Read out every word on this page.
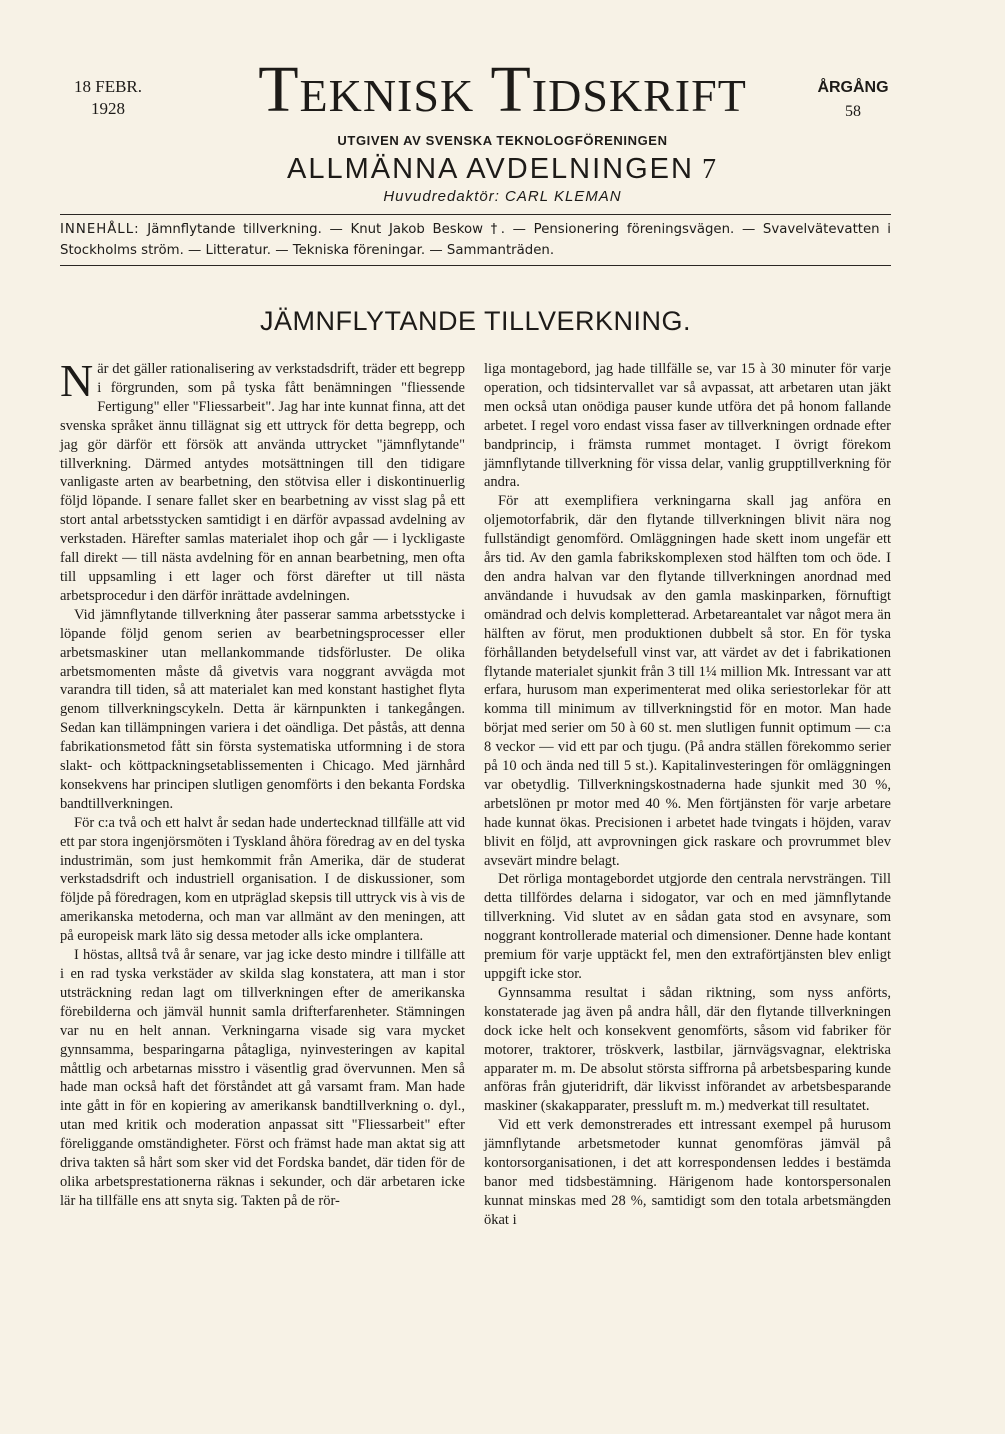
18 FEBR.
1928	Teknisk Tidskrift	ÅRGÅNG
58
UTGIVEN AV SVENSKA TEKNOLOGFÖRENINGEN
ALLMÄNNA AVDELNINGEN 7
Huvudredaktör: CARL KLEMAN
INNEHÅLL: Jämnflytande tillverkning. — Knut Jakob Beskow †. — Pensionering föreningsvägen. — Svavelvätevatten i Stockholms ström. — Litteratur. — Tekniska föreningar. — Sammanträden.
JÄMNFLYTANDE TILLVERKNING.

När det gäller rationalisering av verkstadsdrift, träder ett begrepp i förgrunden, som på tyska fått benämningen "fliessende Fertigung" eller "Fliessarbeit". Jag har inte kunnat finna, att det svenska språket ännu tillägnat sig ett uttryck för detta begrepp, och jag gör därför ett försök att använda uttrycket "jämnflytande" tillverkning. Därmed antydes motsättningen till den tidigare vanligaste arten av bearbetning, den stötvisa eller i diskontinuerlig följd löpande. I senare fallet sker en bearbetning av visst slag på ett stort antal arbetsstycken samtidigt i en därför avpassad avdelning av verkstaden. Härefter samlas materialet ihop och går — i lyckligaste fall direkt — till nästa avdelning för en annan bearbetning, men ofta till uppsamling i ett lager och först därefter ut till nästa arbetsprocedur i den därför inrättade avdelningen.

Vid jämnflytande tillverkning åter passerar samma arbetsstycke i löpande följd genom serien av bearbetningsprocesser eller arbetsmaskiner utan mellankommande tidsförluster. De olika arbetsmomenten måste då givetvis vara noggrant avvägda mot varandra till tiden, så att materialet kan med konstant hastighet flyta genom tillverkningscykeln. Detta är kärnpunkten i tankegången. Sedan kan tillämpningen variera i det oändliga. Det påstås, att denna fabrikationsmetod fått sin första systematiska utformning i de stora slakt- och köttpackningsetablissementen i Chicago. Med järnhård konsekvens har principen slutligen genomförts i den bekanta Fordska bandtillverkningen.

För c:a två och ett halvt år sedan hade undertecknad tillfälle att vid ett par stora ingenjörsmöten i Tyskland åhöra föredrag av en del tyska industrimän, som just hemkommit från Amerika, där de studerat verkstadsdrift och industriell organisation. I de diskussioner, som följde på föredragen, kom en utpräglad skepsis till uttryck vis à vis de amerikanska metoderna, och man var allmänt av den meningen, att på europeisk mark läto sig dessa metoder alls icke omplantera.

I höstas, alltså två år senare, var jag icke desto mindre i tillfälle att i en rad tyska verkstäder av skilda slag konstatera, att man i stor utsträckning redan lagt om tillverkningen efter de amerikanska förebilderna och jämväl hunnit samla drifterfarenheter. Stämningen var nu en helt annan. Verkningarna visade sig vara mycket gynnsamma, besparingarna påtagliga, nyinvesteringen av kapital måttlig och arbetarnas misstro i väsentlig grad övervunnen. Men så hade man också haft det förståndet att gå varsamt fram. Man hade inte gått in för en kopiering av amerikansk bandtillverkning o. dyl., utan med kritik och moderation anpassat sitt "Fliessarbeit" efter föreliggande omständigheter. Först och främst hade man aktat sig att driva takten så hårt som sker vid det Fordska bandet, där tiden för de olika arbetsprestationerna räknas i sekunder, och där arbetaren icke lär ha tillfälle ens att snyta sig. Takten på de rör-

liga montagebord, jag hade tillfälle se, var 15 à 30 minuter för varje operation, och tidsintervallet var så avpassat, att arbetaren utan jäkt men också utan onödiga pauser kunde utföra det på honom fallande arbetet. I regel voro endast vissa faser av tillverkningen ordnade efter bandprincip, i främsta rummet montaget. I övrigt förekom jämnflytande tillverkning för vissa delar, vanlig grupptillverkning för andra.

För att exemplifiera verkningarna skall jag anföra en oljemotorfabrik, där den flytande tillverkningen blivit nära nog fullständigt genomförd. Omläggningen hade skett inom ungefär ett års tid. Av den gamla fabrikskomplexen stod hälften tom och öde. I den andra halvan var den flytande tillverkningen anordnad med användande i huvudsak av den gamla maskinparken, förnuftigt omändrad och delvis kompletterad. Arbetareantalet var något mera än hälften av förut, men produktionen dubbelt så stor. En för tyska förhållanden betydelsefull vinst var, att värdet av det i fabrikationen flytande materialet sjunkit från 3 till 1¼ million Mk. Intressant var att erfara, hurusom man experimenterat med olika seriestorlekar för att komma till minimum av tillverkningstid för en motor. Man hade börjat med serier om 50 à 60 st. men slutligen funnit optimum — c:a 8 veckor — vid ett par och tjugu. (På andra ställen förekommo serier på 10 och ända ned till 5 st.). Kapitalinvesteringen för omläggningen var obetydlig. Tillverkningskostnaderna hade sjunkit med 30 %, arbetslönen pr motor med 40 %. Men förtjänsten för varje arbetare hade kunnat ökas. Precisionen i arbetet hade tvingats i höjden, varav blivit en följd, att avprovningen gick raskare och provrummet blev avsevärt mindre belagt.

Det rörliga montagebordet utgjorde den centrala nervsträngen. Till detta tillfördes delarna i sidogator, var och en med jämnflytande tillverkning. Vid slutet av en sådan gata stod en avsynare, som noggrant kontrollerade material och dimensioner. Denne hade kontant premium för varje upptäckt fel, men den extraförtjänsten blev enligt uppgift icke stor.

Gynnsamma resultat i sådan riktning, som nyss anförts, konstaterade jag även på andra håll, där den flytande tillverkningen dock icke helt och konsekvent genomförts, såsom vid fabriker för motorer, traktorer, tröskverk, lastbilar, järnvägsvagnar, elektriska apparater m. m. De absolut största siffrorna på arbetsbesparing kunde anföras från gjuteridrift, där likvisst införandet av arbetsbesparande maskiner (skakapparater, pressluft m. m.) medverkat till resultatet.

Vid ett verk demonstrerades ett intressant exempel på hurusom jämnflytande arbetsmetoder kunnat genomföras jämväl på kontorsorganisationen, i det att korrespondensen leddes i bestämda banor med tidsbestämning. Härigenom hade kontorspersonalen kunnat minskas med 28 %, samtidigt som den totala arbetsmängden ökat i
